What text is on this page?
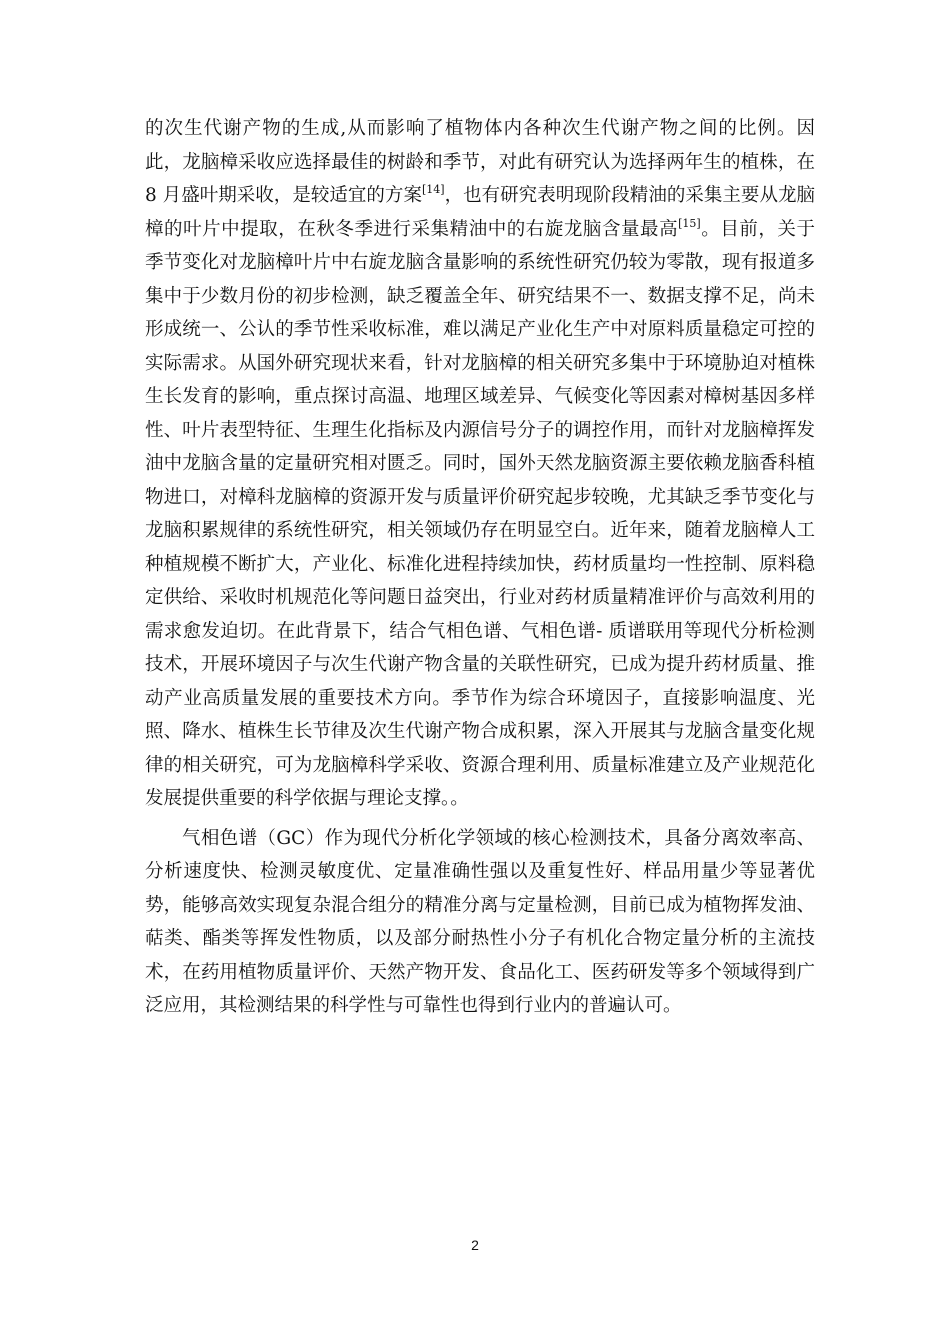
的次生代谢产物的生成,从而影响了植物体内各种次生代谢产物之间的比例。因此，龙脑樟采收应选择最佳的树龄和季节，对此有研究认为选择两年生的植株，在 8 月盛叶期采收，是较适宜的方案[14]，也有研究表明现阶段精油的采集主要从龙脑樟的叶片中提取，在秋冬季进行采集精油中的右旋龙脑含量最高[15]。目前，关于季节变化对龙脑樟叶片中右旋龙脑含量影响的系统性研究仍较为零散，现有报道多集中于少数月份的初步检测，缺乏覆盖全年、研究结果不一、数据支撑不足，尚未形成统一、公认的季节性采收标准，难以满足产业化生产中对原料质量稳定可控的实际需求。从国外研究现状来看，针对龙脑樟的相关研究多集中于环境胁迫对植株生长发育的影响，重点探讨高温、地理区域差异、气候变化等因素对樟树基因多样性、叶片表型特征、生理生化指标及内源信号分子的调控作用，而针对龙脑樟挥发油中龙脑含量的定量研究相对匮乏。同时，国外天然龙脑资源主要依赖龙脑香科植物进口，对樟科龙脑樟的资源开发与质量评价研究起步较晚，尤其缺乏季节变化与龙脑积累规律的系统性研究，相关领域仍存在明显空白。近年来，随着龙脑樟人工种植规模不断扩大，产业化、标准化进程持续加快，药材质量均一性控制、原料稳定供给、采收时机规范化等问题日益突出，行业对药材质量精准评价与高效利用的需求愈发迫切。在此背景下，结合气相色谱、气相色谱- 质谱联用等现代分析检测技术，开展环境因子与次生代谢产物含量的关联性研究，已成为提升药材质量、推动产业高质量发展的重要技术方向。季节作为综合环境因子，直接影响温度、光照、降水、植株生长节律及次生代谢产物合成积累，深入开展其与龙脑含量变化规律的相关研究，可为龙脑樟科学采收、资源合理利用、质量标准建立及产业规范化发展提供重要的科学依据与理论支撑。。

气相色谱（GC）作为现代分析化学领域的核心检测技术，具备分离效率高、分析速度快、检测灵敏度优、定量准确性强以及重复性好、样品用量少等显著优势，能够高效实现复杂混合组分的精准分离与定量检测，目前已成为植物挥发油、萜类、酯类等挥发性物质，以及部分耐热性小分子有机化合物定量分析的主流技术，在药用植物质量评价、天然产物开发、食品化工、医药研发等多个领域得到广泛应用，其检测结果的科学性与可靠性也得到行业内的普遍认可。

2
